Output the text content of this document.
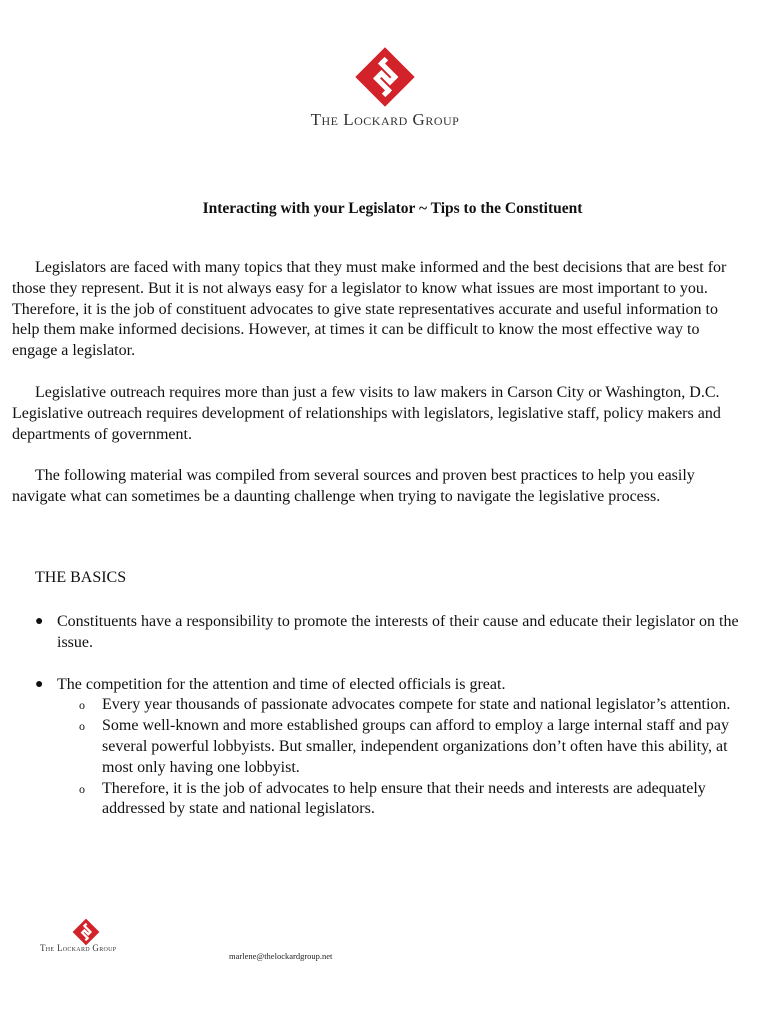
The Lockard Group
Interacting with your Legislator ~ Tips to the Constituent

Legislators are faced with many topics that they must make informed and the best decisions that are best for those they represent. But it is not always easy for a legislator to know what issues are most important to you. Therefore, it is the job of constituent advocates to give state representatives accurate and useful information to help them make informed decisions. However, at times it can be difficult to know the most effective way to engage a legislator.

Legislative outreach requires more than just a few visits to law makers in Carson City or Washington, D.C. Legislative outreach requires development of relationships with legislators, legislative staff, policy makers and departments of government.

The following material was compiled from several sources and proven best practices to help you easily navigate what can sometimes be a daunting challenge when trying to navigate the legislative process.

THE BASICS
● Constituents have a responsibility to promote the interests of their cause and educate their legislator on the issue.
● The competition for the attention and time of elected officials is great.
o Every year thousands of passionate advocates compete for state and national legislator’s attention.
o Some well-known and more established groups can afford to employ a large internal staff and pay several powerful lobbyists. But smaller, independent organizations don’t often have this ability, at most only having one lobbyist.
o Therefore, it is the job of advocates to help ensure that their needs and interests are adequately addressed by state and national legislators.
The Lockard Group
marlene@thelockardgroup.net
